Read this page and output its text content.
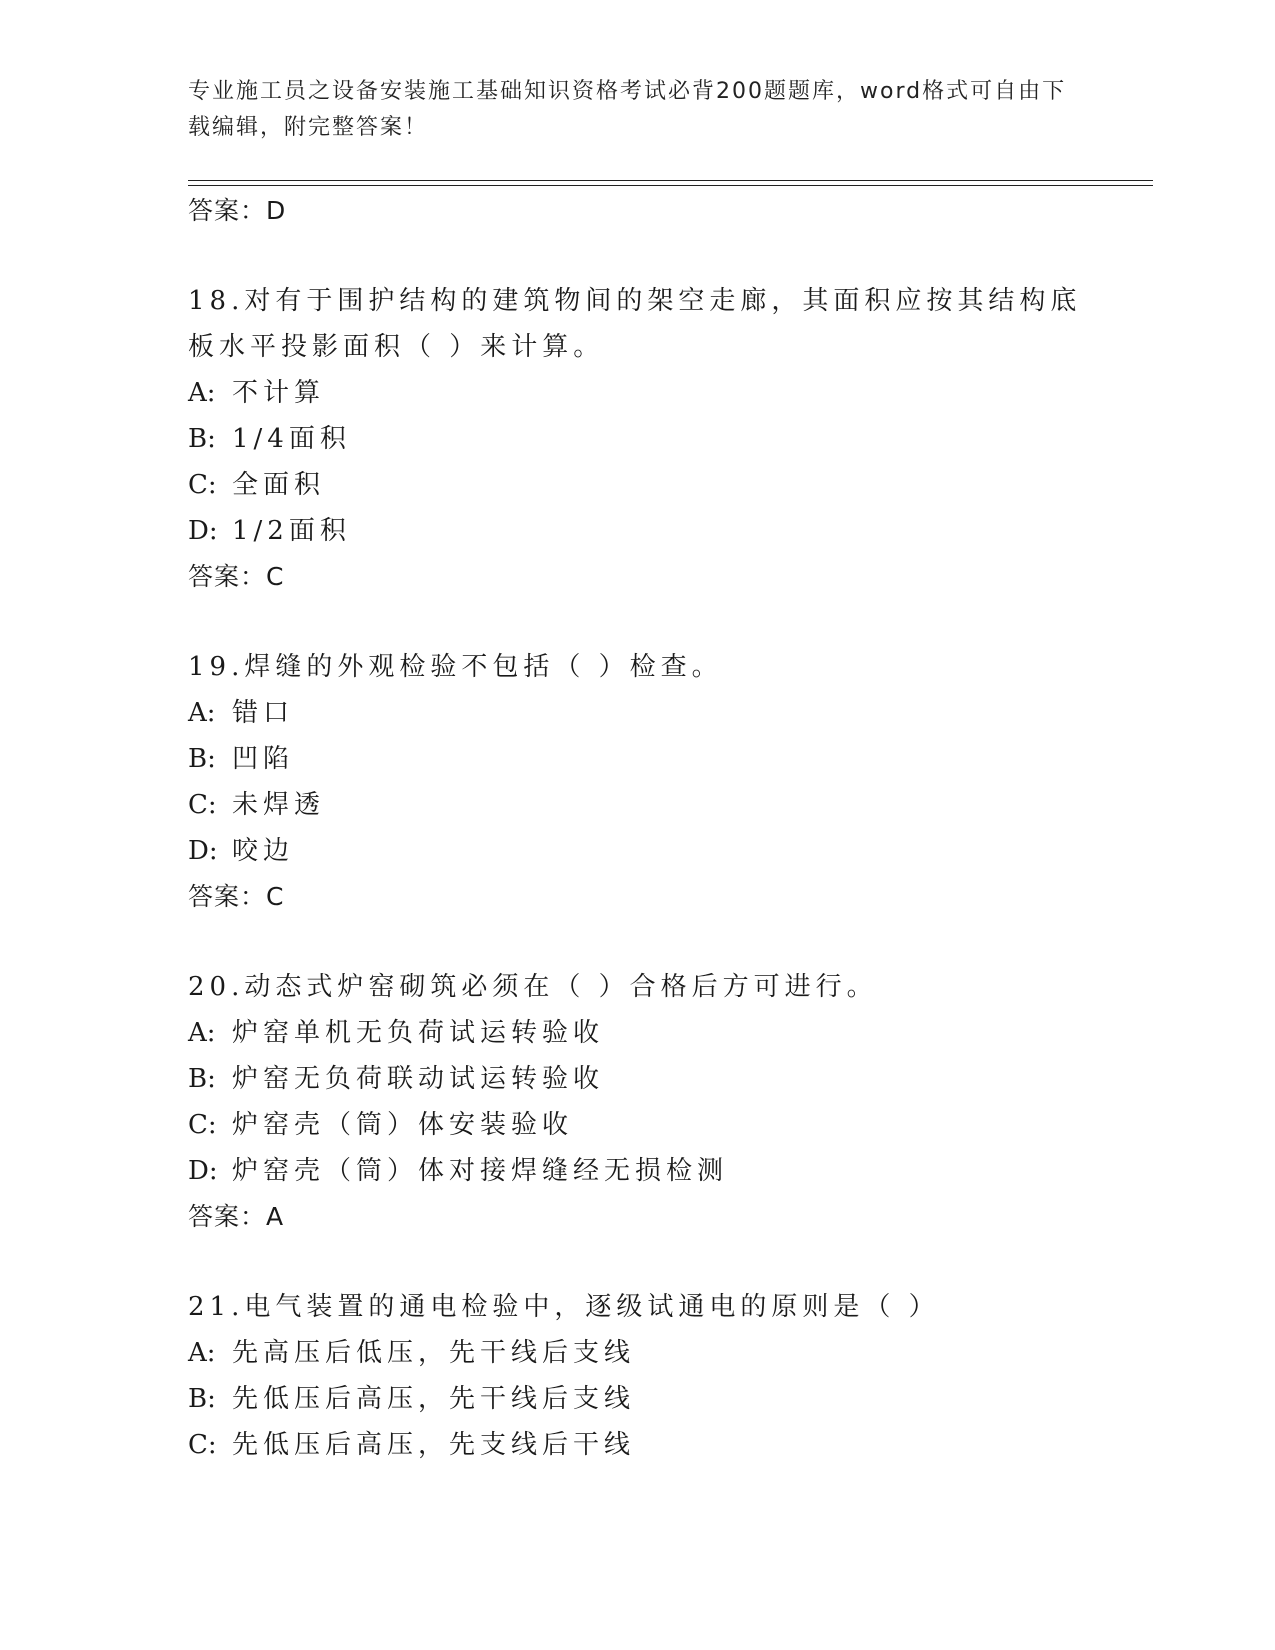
专业施工员之设备安装施工基础知识资格考试必背200题题库，word格式可自由下载编辑，附完整答案！
答案：D
18.对有于围护结构的建筑物间的架空走廊，其面积应按其结构底板水平投影面积（ ）来计算。
A: 不计算
B: 1/4面积
C: 全面积
D: 1/2面积
答案：C
19.焊缝的外观检验不包括（ ）检查。
A: 错口
B: 凹陷
C: 未焊透
D: 咬边
答案：C
20.动态式炉窑砌筑必须在（ ）合格后方可进行。
A: 炉窑单机无负荷试运转验收
B: 炉窑无负荷联动试运转验收
C: 炉窑壳（筒）体安装验收
D: 炉窑壳（筒）体对接焊缝经无损检测
答案：A
21.电气装置的通电检验中，逐级试通电的原则是（ ）
A: 先高压后低压，先干线后支线
B: 先低压后高压，先干线后支线
C: 先低压后高压，先支线后干线
